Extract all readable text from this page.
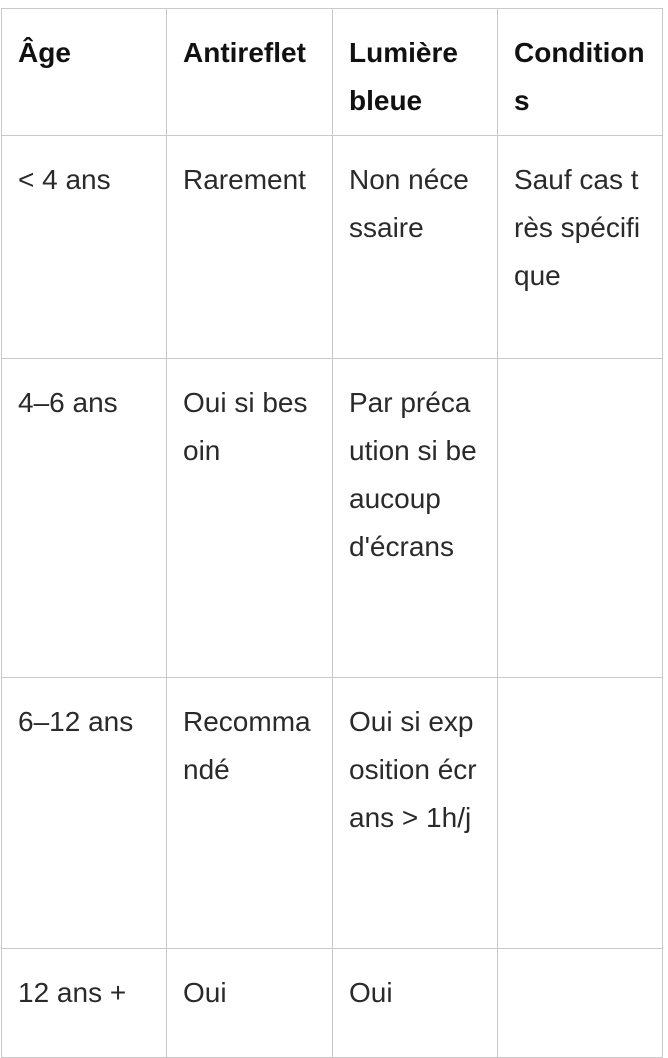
Âge	Antireflet	Lumière bleue	Conditions
< 4 ans	Rarement	Non nécessaire	Sauf cas très spécifique
4–6 ans	Oui si besoin	Par précaution si beaucoup d'écrans	
6–12 ans	Recommandé	Oui si exposition écrans > 1h/j	
12 ans +	Oui	Oui	
